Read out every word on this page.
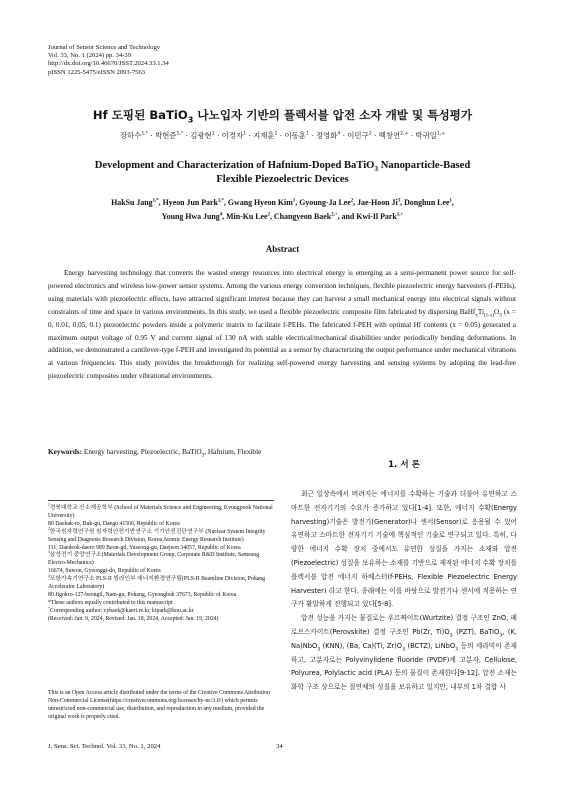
Journal of Sensor Science and Technology
Vol. 33, No. 1 (2024) pp. 34-39
http://dx.doi.org/10.46670/JSST.2024.33.1.34
pISSN 1225-5475/eISSN 2093-7563
Hf 도핑된 BaTiO$_3$ 나노입자 기반의 플렉서블 압전 소자 개발 및 특성평가
장하수$^{1,*}$ · 박현준$^{1,*}$ · 김광현$^1$ · 이경자$^1$ · 지재훈$^1$ · 이동훈$^1$ · 정영화$^4$ · 이민구$^2$ · 백창연$^{2,+}$ · 박귀일$^{1,+}$
Development and Characterization of Hafnium-Doped BaTiO$_3$ Nanoparticle-Based
Flexible Piezoelectric Devices
HakSu Jang$^{1,*}$, Hyeon Jun Park$^{1,*}$, Gwang Hyeon Kim$^1$, Gyoung-Ja Lee$^2$, Jae-Hoon Ji$^3$, Donghun Lee$^1$,
Young Hwa Jung$^4$, Min-Ku Lee$^2$, Changyeon Baek$^{2,+}$, and Kwi-Il Park$^{1,+}$
Abstract

Energy harvesting technology that converts the wasted energy resources into electrical energy is emerging as a semi-permanent power source for self-powered electronics and wireless low-power sensor systems. Among the various energy conversion techniques, flexible piezoelectric energy harvesters (f-PEHs), using materials with piezoelectric effects, have attracted significant interest because they can harvest a small mechanical energy into electrical signals without constraints of time and space in various environments. In this study, we used a flexible piezoelectric composite film fabricated by dispersing $BaHf_xTi_{(1-x)}O_3$ (x = 0, 0.01, 0.05, 0.1) piezoelectric powders inside a polymeric matrix to facilitate f-PEHs. The fabricated f-PEH with optimal Hf contents (x = 0.05) generated a maximum output voltage of 0.95 V and current signal of 130 nA with stable electrical/mechanical disabilities under periodically bending deformations. In addition, we demonstrated a cantilever-type f-PEH and investigated its potential as a sensor by characterizing the output performance under mechanical vibrations at various frequencies. This study provides the breakthrough for realizing self-powered energy harvesting and sensing systems by adopting the lead-free piezoelectric composites under vibrational environments.

Keywords: Energy harvesting, Piezoelectric, BaTiO$_3$, Hafnium, Flexible

$^1$경북대학교 신소재공학부 (School of Materials Science and Engineering, Kyungpook National University)

80 Daehak-ro, Buk-gu, Daegu 41566, Republic of Korea

$^2$한국원자력연구원 원자력안전기반연구소 기기안전진단연구부 (Nuclear System Integrity Sensing and Diagnosis Research Division, Korea Atomic Energy Research Institute)

111, Daedeok-daero 989 Beon-gil, Yuseong-gu, Daejeon 34057, Republic of Korea

$^3$삼성전기 중앙연구소(Materials Development Group, Corporate R&D Institute, Samsung Electro-Mechanics)

16674, Suwon, Gyeonggi-do, Republic of Korea

$^4$포항가속기연구소 PLS-II 빔라인부 에너지환경연구팀(PLS-II Beamline Division, Pohang Accelerator Laboratory)

80 Jigokro-127-beongil, Nam-gu, Pohang, Gyeongbuk 37673, Republic of Korea

*These authors equally contributed to this manuscript

+Corresponding author: cybaek@kaeri.re.kr, kipark@knu.ac.kr

(Received: Jan. 9, 2024, Revised: Jan. 18, 2024, Accepted: Jan. 19, 2024)

This is an Open Access article distributed under the terms of the Creative Commons Attribution Non-Commercial License(https://creativecommons.org/licenses/by-nc/3.0/) which permits unrestricted non-commercial use, distribution, and reproduction in any medium, provided the original work is properly cited.

1. 서 론

최근 일상속에서 버려지는 에너지를 수확하는 기술과 더불어 유연하고 스마트한 전자기기의 수요가 증가하고 있다[1-4]. 또한, 에너지 수확(Energy harvesting)기술은 발전기(Generator)나 센서(Sensor)로 응용될 수 있어 유연하고 스마트한 전자기기 기술에 핵심적인 기술로 연구되고 있다. 특히, 다양한 에너지 수확 장치 중에서도 유연한 성질을 가지는 소재와 압전(Piezoelectric) 성질을 보유하는 소재를 기반으로 제작된 에너지 수확 장치를 플렉서블 압전 에너지 하베스터(f-PEHs, Flexible Piezoelectric Energy Harvester) 라고 한다. 종래에는 이를 바탕으로 발전기나 센서에 적용하는 연구가 활발하게 진행되고 있다[5-8].

압전 성능을 가지는 물질로는 우르짜이트(Wurtzite) 결정 구조인 ZnO, 페로브스카이트(Perovskite) 결정 구조인 Pb(Zr, $Ti)O_3$ (PZT), BaTiO$_3$, (K, Na)NbO$_3$ (KNN), (Ba, Ca)(Ti, $Zr)O_3$ (BCTZ), LiNbO$_3$ 등의 세라믹이 존재하고, 고분자로는 Polyvinylidene fluoride (PVDF)계 고분자, Cellulose, Polyurea, Polylactic acid (PLA) 등의 물질이 존재한다[9-12]. 압전 소재는 화학 구조 상으로는 절연체의 성질을 보유하고 있지만, 내부의 1차 결합 사

J. Sens. Sci. Technol. Vol. 33, No. 1, 2024	34
